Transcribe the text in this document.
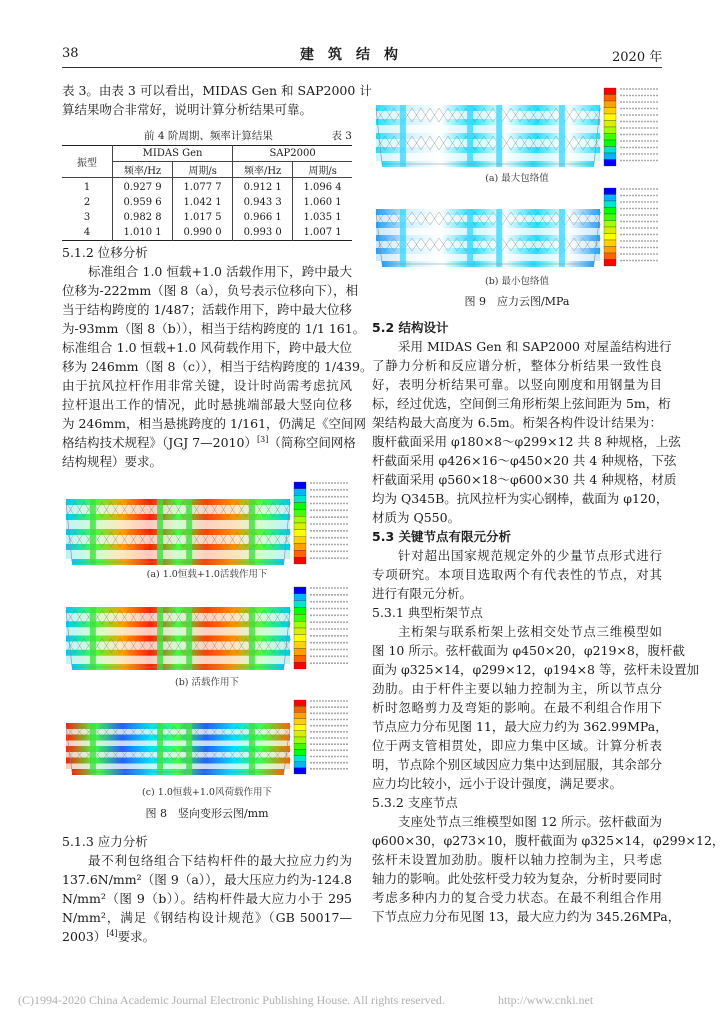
38	建　筑　结　构	2020 年
表 3。由表 3 可以看出，MIDAS Gen 和 SAP2000 计
算结果吻合非常好，说明计算分析结果可靠。
前 4 阶周期、频率计算结果	表 3
振型	MIDAS Gen		SAP2000	
	频率/Hz	周期/s	频率/Hz	周期/s
1	0.927 9	1.077 7	0.912 1	1.096 4
2	0.959 6	1.042 1	0.943 3	1.060 1
3	0.982 8	1.017 5	0.966 1	1.035 1
4	1.010 1	0.990 0	0.993 0	1.007 1
5.1.2 位移分析
标准组合 1.0 恒载+1.0 活载作用下，跨中最大
位移为-222mm（图 8（a），负号表示位移向下），相
当于结构跨度的 1/487；活载作用下，跨中最大位移
为-93mm（图 8（b）），相当于结构跨度的 1/1 161。
标准组合 1.0 恒载+1.0 风荷载作用下，跨中最大位
移为 246mm（图 8（c）），相当于结构跨度的 1/439。
由于抗风拉杆作用非常关键，设计时尚需考虑抗风
拉杆退出工作的情况，此时悬挑端部最大竖向位移
为 246mm，相当悬挑跨度的 1/161，仍满足《空间网
格结构技术规程》（JGJ 7—2010）[3]（简称空间网格
结构规程）要求。
(a) 1.0恒载+1.0活载作用下
(b) 活载作用下
(c) 1.0恒载+1.0风荷载作用下
图 8　竖向变形云图/mm
5.1.3 应力分析
最不利包络组合下结构杆件的最大拉应力约为
137.6N/mm²（图 9（a）），最大压应力约为-124.8
N/mm²（图 9（b））。结构杆件最大应力小于 295
N/mm²，满足《钢结构设计规范》（GB 50017—
2003）[4]要求。
(a) 最大包络值
(b) 最小包络值
图 9　应力云图/MPa
5.2 结构设计
采用 MIDAS Gen 和 SAP2000 对屋盖结构进行
了静力分析和反应谱分析，整体分析结果一致性良
好，表明分析结果可靠。以竖向刚度和用钢量为目
标，经过优选，空间倒三角形桁架上弦间距为 5m，桁
架结构最大高度为 6.5m。桁架各构件设计结果为：
腹杆截面采用 φ180×8～φ299×12 共 8 种规格，上弦
杆截面采用 φ426×16～φ450×20 共 4 种规格，下弦
杆截面采用 φ560×18～φ600×30 共 4 种规格，材质
均为 Q345B。抗风拉杆为实心钢棒，截面为 φ120，
材质为 Q550。
5.3 关键节点有限元分析
针对超出国家规范规定外的少量节点形式进行
专项研究。本项目选取两个有代表性的节点，对其
进行有限元分析。
5.3.1 典型桁架节点
主桁架与联系桁架上弦相交处节点三维模型如
图 10 所示。弦杆截面为 φ450×20，φ219×8，腹杆截
面为 φ325×14，φ299×12，φ194×8 等，弦杆未设置加
劲肋。由于杆件主要以轴力控制为主，所以节点分
析时忽略剪力及弯矩的影响。在最不利组合作用下
节点应力分布见图 11，最大应力约为 362.99MPa，
位于两支管相贯处，即应力集中区域。计算分析表
明，节点除个别区域因应力集中达到屈服，其余部分
应力均比较小，远小于设计强度，满足要求。
5.3.2 支座节点
支座处节点三维模型如图 12 所示。弦杆截面为
φ600×30，φ273×10，腹杆截面为 φ325×14，φ299×12，
弦杆未设置加劲肋。腹杆以轴力控制为主，只考虑
轴力的影响。此处弦杆受力较为复杂，分析时要同时
考虑多种内力的复合受力状态。在最不利组合作用
下节点应力分布见图 13，最大应力约为 345.26MPa，
(C)1994-2020 China Academic Journal Electronic Publishing House. All rights reserved.	http://www.cnki.net
